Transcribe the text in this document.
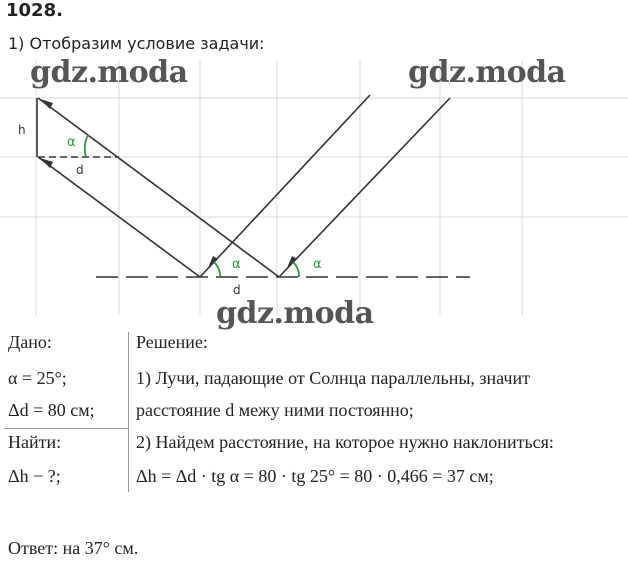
1028.
1) Отобразим условие задачи:
h
α
d
α	α
d
gdz.moda	gdz.moda
gdz.moda
Дано:
α = 25°;
Δd = 80 см;
Найти:
Δh − ?;
Решение:
1) Лучи, падающие от Солнца параллельны, значит
расстояние d межу ними постоянно;
2) Найдем расстояние, на которое нужно наклониться:
Δh = Δd · tg α = 80 · tg 25° = 80 · 0,466 = 37 см;
Ответ: на 37° см.
